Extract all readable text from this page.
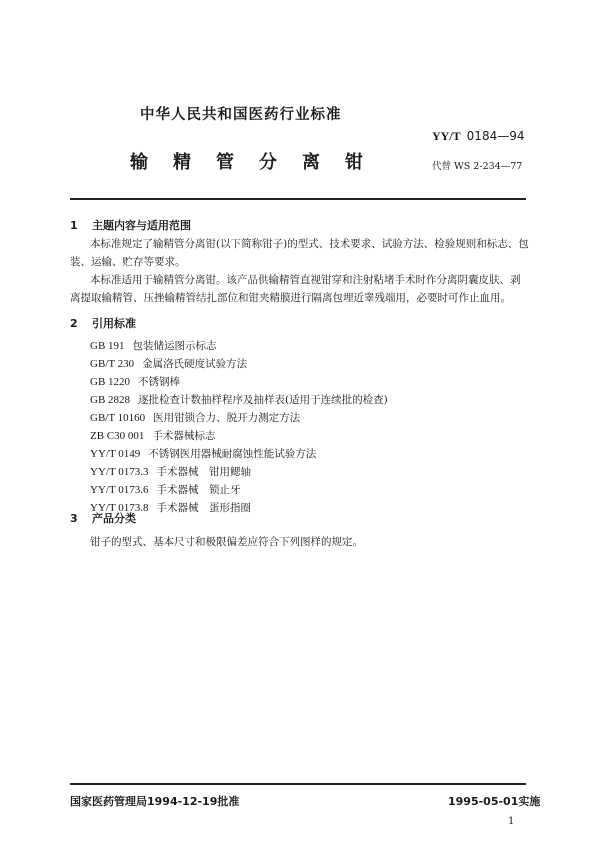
中华人民共和国医药行业标准
YY/T 0184—94
输精管分离钳	代替 WS 2-234—77
1 主题内容与适用范围
本标准规定了输精管分离钳(以下简称钳子)的型式、技术要求、试验方法、检验规则和标志、包装、运输、贮存等要求。
本标准适用于输精管分离钳。该产品供输精管直视钳穿和注射粘堵手术时作分离阴囊皮肤、剥离提取输精管、压挫输精管结扎部位和钳夹精膜进行隔离包埋近睾残端用，必要时可作止血用。
2 引用标准
GB 191 包装储运图示标志
GB/T 230 金属洛氏硬度试验方法
GB 1220 不锈钢棒
GB 2828 逐批检查计数抽样程序及抽样表(适用于连续批的检查)
GB/T 10160 医用钳锁合力、脱开力测定方法
ZB C30 001 手术器械标志
YY/T 0149 不锈钢医用器械耐腐蚀性能试验方法
YY/T 0173.3 手术器械　钳用鳃轴
YY/T 0173.6 手术器械　锁止牙
YY/T 0173.8 手术器械　蛋形指圈
3 产品分类
钳子的型式、基本尺寸和极限偏差应符合下列图样的规定。
国家医药管理局1994-12-19批准	1995-05-01实施
1
